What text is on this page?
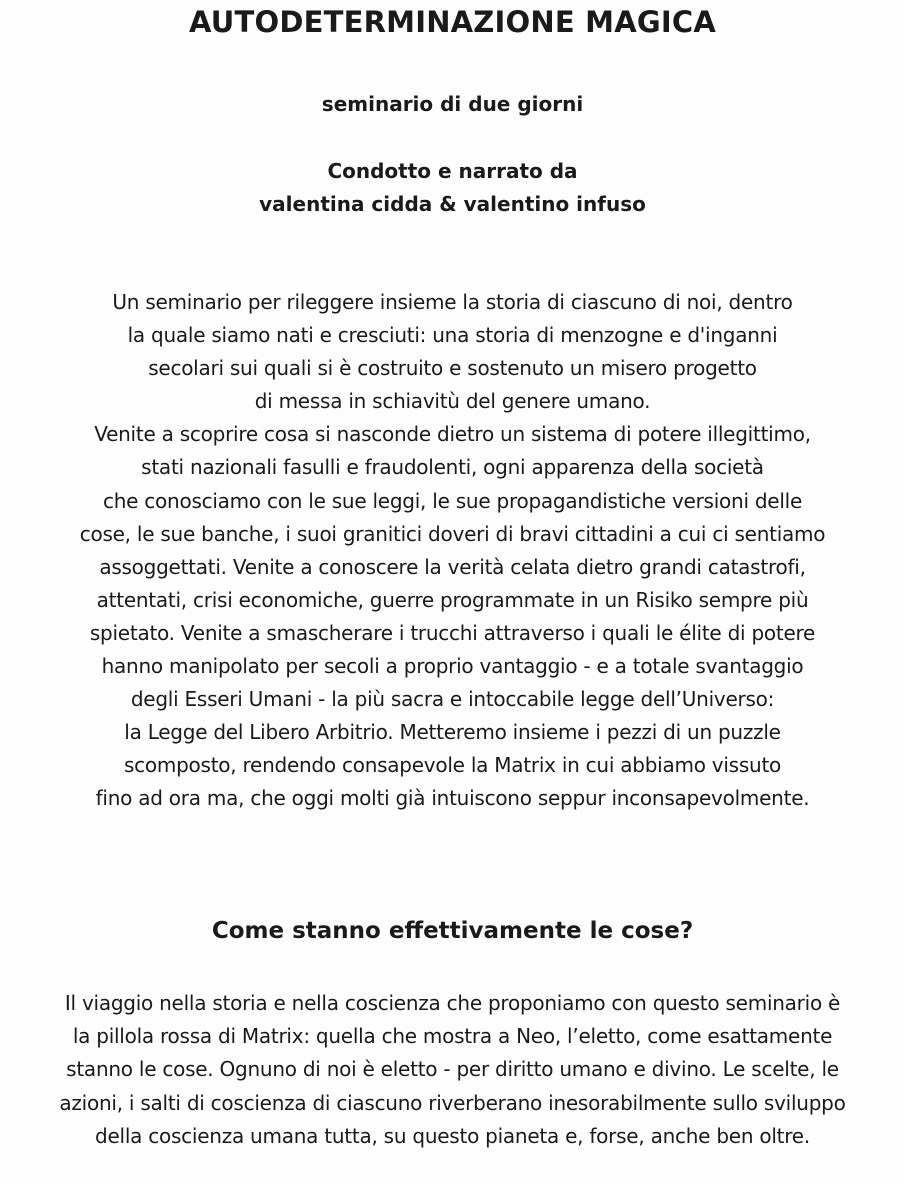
AUTODETERMINAZIONE MAGICA
seminario di due giorni
Condotto e narrato da
valentina cidda & valentino infuso
Un seminario per rileggere insieme la storia di ciascuno di noi, dentro
la quale siamo nati e cresciuti: una storia di menzogne e d'inganni
secolari sui quali si è costruito e sostenuto un misero progetto
di messa in schiavitù del genere umano.
Venite a scoprire cosa si nasconde dietro un sistema di potere illegittimo,
stati nazionali fasulli e fraudolenti, ogni apparenza della società
che conosciamo con le sue leggi, le sue propagandistiche versioni delle
cose, le sue banche, i suoi granitici doveri di bravi cittadini a cui ci sentiamo
assoggettati. Venite a conoscere la verità celata dietro grandi catastrofi,
attentati, crisi economiche, guerre programmate in un Risiko sempre più
spietato. Venite a smascherare i trucchi attraverso i quali le élite di potere
hanno manipolato per secoli a proprio vantaggio - e a totale svantaggio
degli Esseri Umani - la più sacra e intoccabile legge dell’Universo:
la Legge del Libero Arbitrio. Metteremo insieme i pezzi di un puzzle
scomposto, rendendo consapevole la Matrix in cui abbiamo vissuto
fino ad ora ma, che oggi molti già intuiscono seppur inconsapevolmente.
Come stanno effettivamente le cose?
Il viaggio nella storia e nella coscienza che proponiamo con questo seminario è
la pillola rossa di Matrix: quella che mostra a Neo, l’eletto, come esattamente
stanno le cose. Ognuno di noi è eletto - per diritto umano e divino. Le scelte, le
azioni, i salti di coscienza di ciascuno riverberano inesorabilmente sullo sviluppo
della coscienza umana tutta, su questo pianeta e, forse, anche ben oltre.
